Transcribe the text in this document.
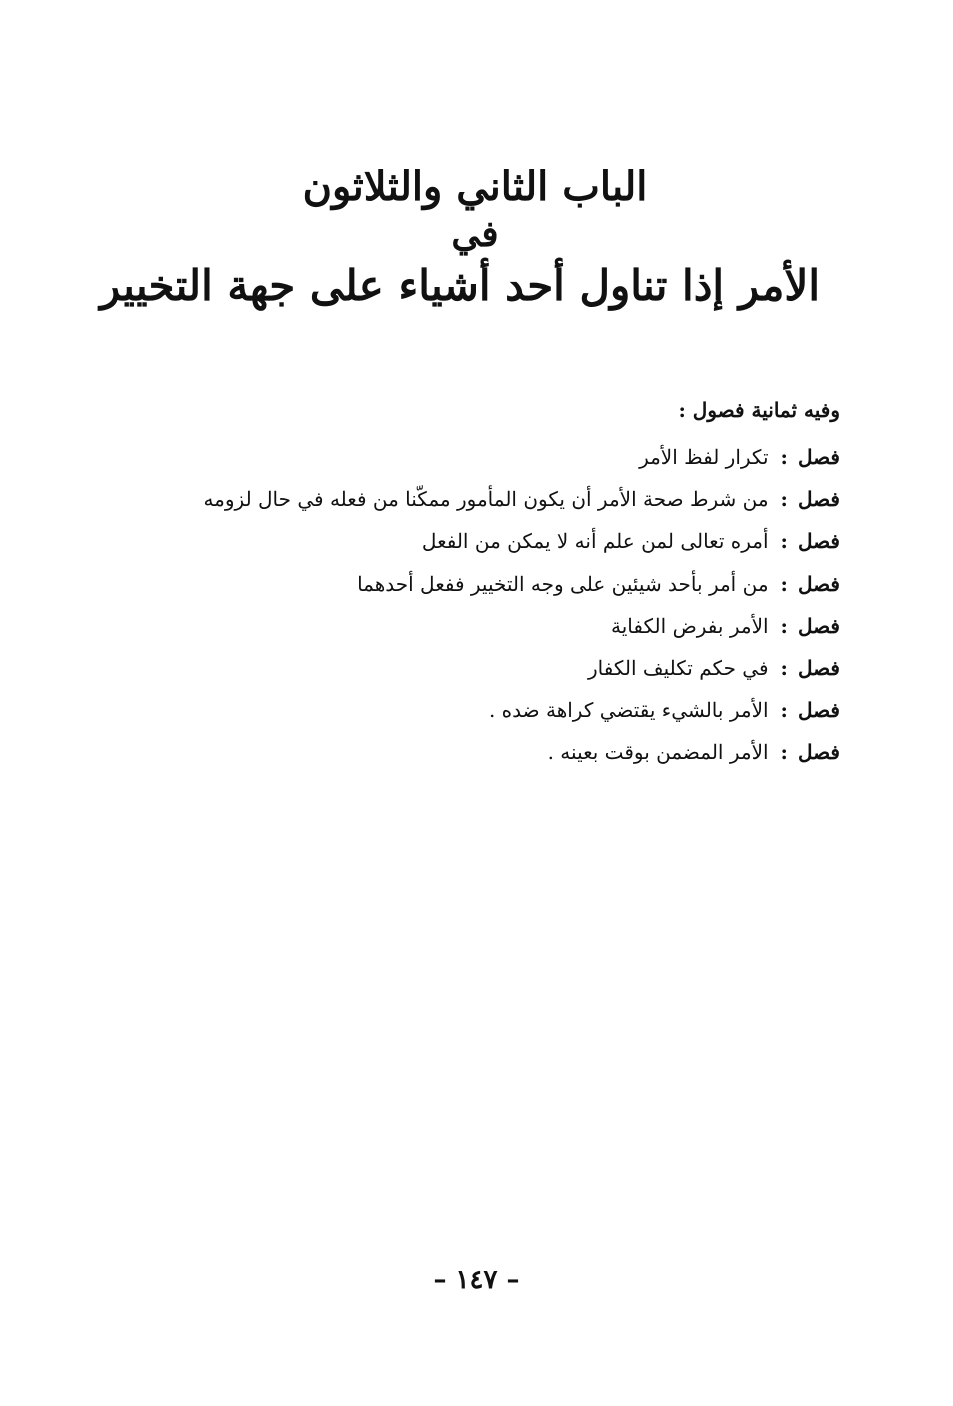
الباب الثاني والثلاثون
في
الأمر إذا تناول أحد أشياء على جهة التخيير
وفيه ثمانية فصول :
فصل
:
تكرار لفظ الأمر
فصل
:
من شرط صحة الأمر أن يكون المأمور ممكّنا من فعله في حال لزومه
فصل
:
أمره تعالى لمن علم أنه لا يمكن من الفعل
فصل
:
من أمر بأحد شيئين على وجه التخيير ففعل أحدهما
فصل
:
الأمر بفرض الكفاية
فصل
:
في حكم تكليف الكفار
فصل
:
الأمر بالشيء يقتضي كراهة ضده .
فصل
:
الأمر المضمن بوقت بعينه .
– ١٤٧ –
